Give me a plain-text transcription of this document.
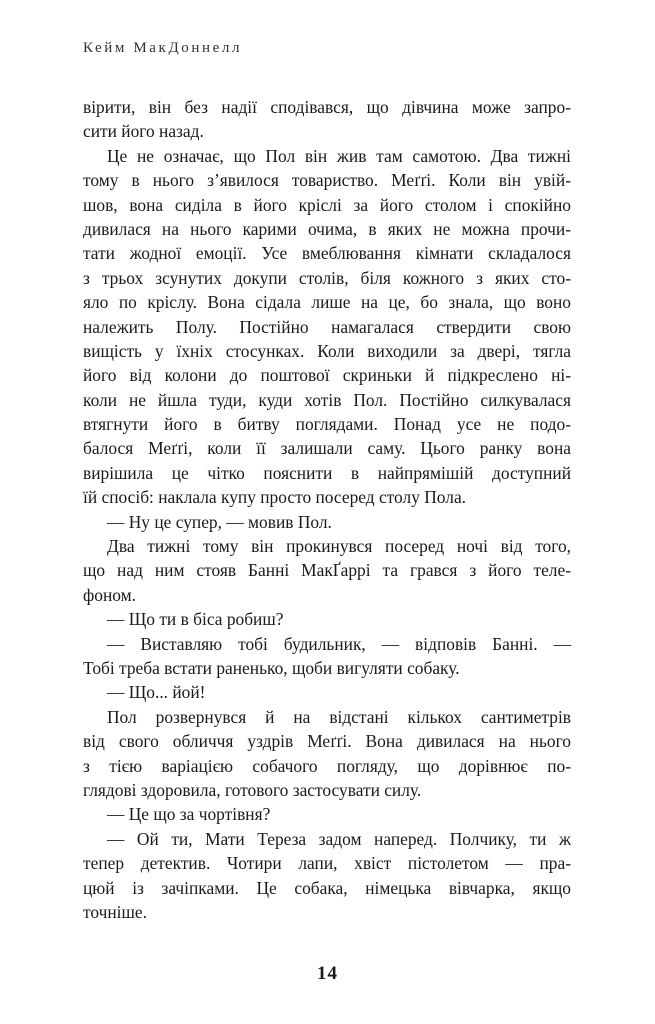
Кейм МакДоннелл
вірити, він без надії сподівався, що дівчина може запро-
сити його назад.
Це не означає, що Пол він жив там самотою. Два тижні
тому в нього з’явилося товариство. Меґґі. Коли він увій-
шов, вона сиділа в його кріслі за його столом і спокійно
дивилася на нього карими очима, в яких не можна прочи-
тати жодної емоції. Усе вмеблювання кімнати складалося
з трьох зсунутих докупи столів, біля кожного з яких сто-
яло по кріслу. Вона сідала лише на це, бо знала, що воно
належить Полу. Постійно намагалася ствердити свою
вищість у їхніх стосунках. Коли виходили за двері, тягла
його від колони до поштової скриньки й підкреслено ні-
коли не йшла туди, куди хотів Пол. Постійно силкувалася
втягнути його в битву поглядами. Понад усе не подо-
балося Меґґі, коли її залишали саму. Цього ранку вона
вирішила це чітко пояснити в найпрямішій доступний
їй спосіб: наклала купу просто посеред столу Пола.
— Ну це супер, — мовив Пол.
Два тижні тому він прокинувся посеред ночі від того,
що над ним стояв Банні МакҐаррі та грався з його теле-
фоном.
— Що ти в біса робиш?
— Виставляю тобі будильник, — відповів Банні. —
Тобі треба встати раненько, щоби вигуляти собаку.
— Що... йой!
Пол розвернувся й на відстані кількох сантиметрів
від свого обличчя уздрів Меґґі. Вона дивилася на нього
з тією варіацією собачого погляду, що дорівнює по-
глядові здоровила, готового застосувати силу.
— Це що за чортівня?
— Ой ти, Мати Тереза задом наперед. Полчику, ти ж
тепер детектив. Чотири лапи, хвіст пістолетом — пра-
цюй із зачіпками. Це собака, німецька вівчарка, якщо
точніше.
14
